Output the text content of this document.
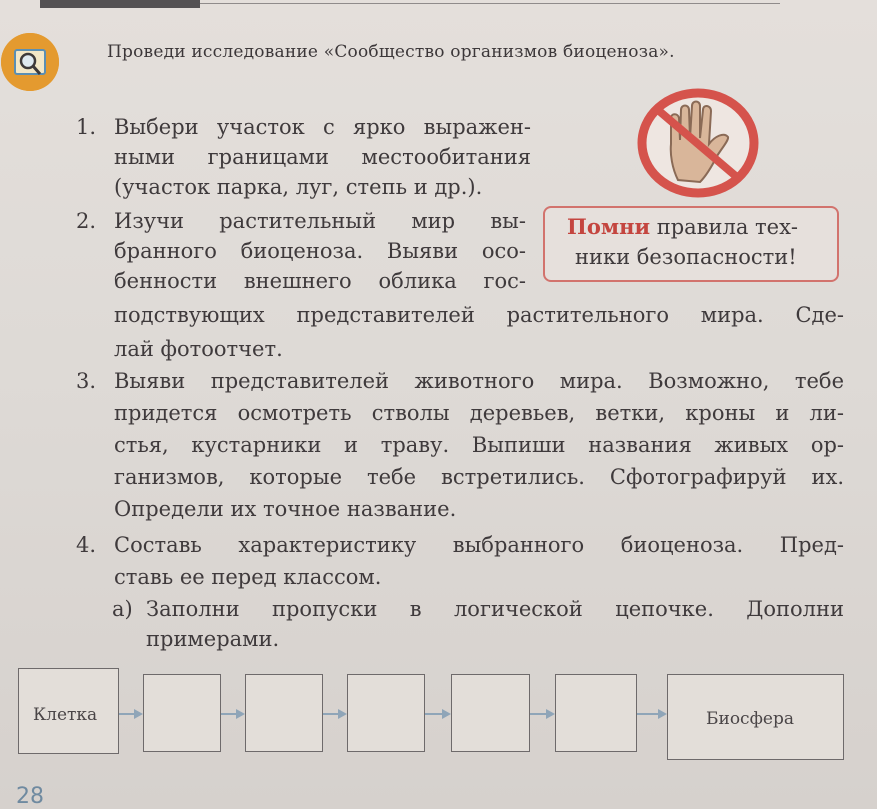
Проведи исследование «Сообщество организмов биоценоза».
1. Выбери участок с ярко выражен-
ными границами местообитания
(участок парка, луг, степь и др.).
2. Изучи растительный мир вы-
бранного биоценоза. Выяви осо-
бенности внешнего облика гос-
подствующих представителей растительного мира. Сде-
лай фотоотчет.
3. Выяви представителей животного мира. Возможно, тебе
придется осмотреть стволы деревьев, ветки, кроны и ли-
стья, кустарники и траву. Выпиши названия живых ор-
ганизмов, которые тебе встретились. Сфотографируй их.
Определи их точное название.
4. Составь характеристику выбранного биоценоза. Пред-
ставь ее перед классом.
а) Заполни пропуски в логической цепочке. Дополни
примерами.
Помни правила тех-
ники безопасности!
Клетка	Биосфера
28
